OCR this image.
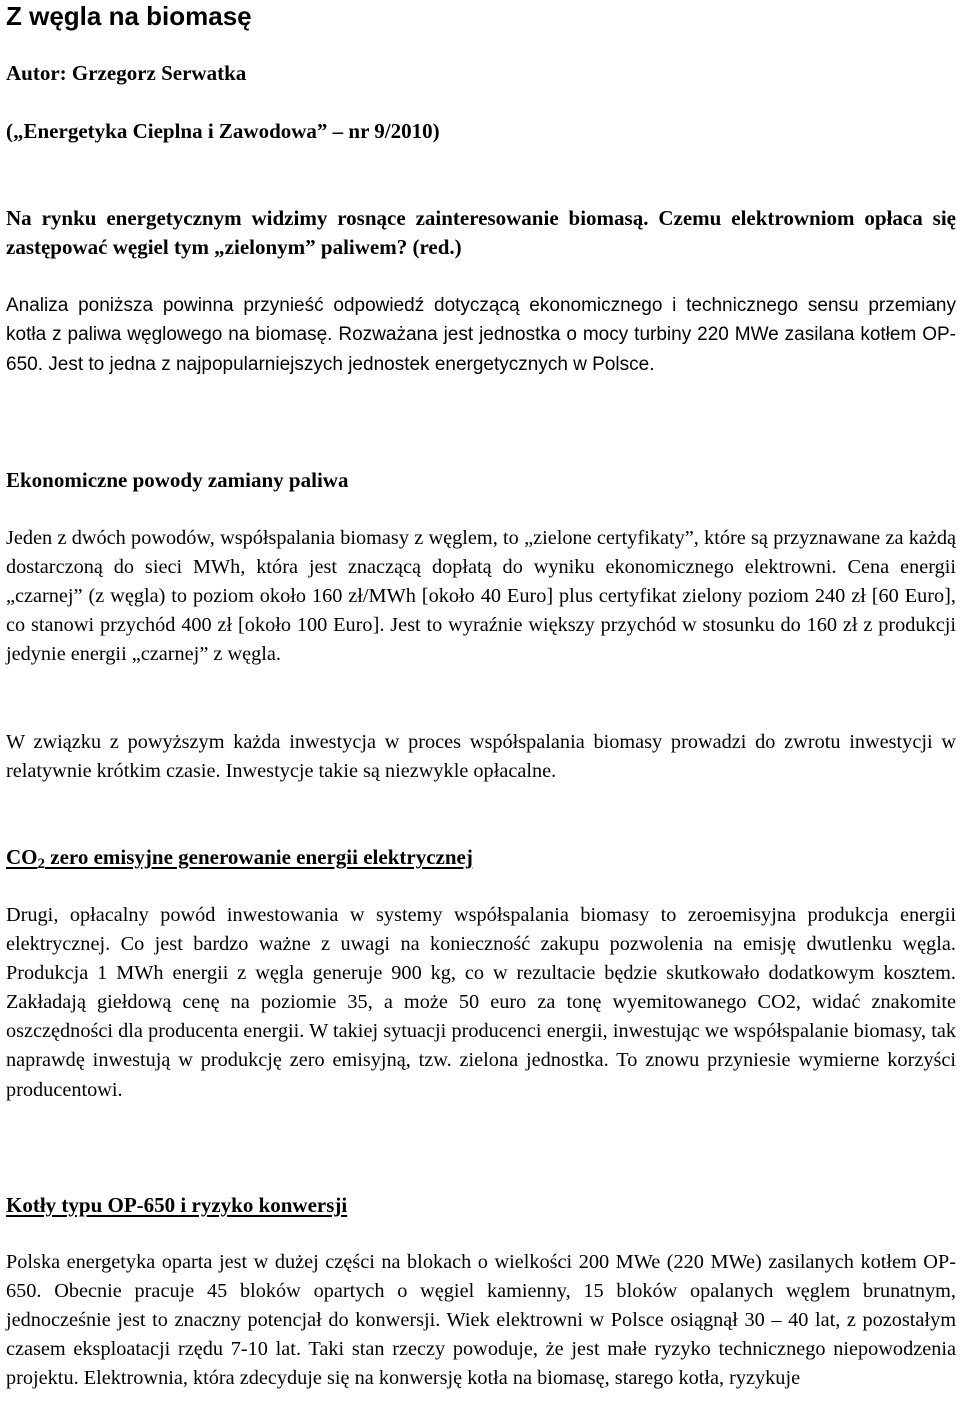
Z węgla na biomasę

Autor: Grzegorz Serwatka

(„Energetyka Cieplna i Zawodowa” – nr 9/2010)

Na rynku energetycznym widzimy rosnące zainteresowanie biomasą. Czemu elektrowniom opłaca się zastępować węgiel tym „zielonym” paliwem? (red.)

Analiza poniższa powinna przynieść odpowiedź dotyczącą ekonomicznego i technicznego sensu przemiany kotła z paliwa węglowego na biomasę. Rozważana jest jednostka o mocy turbiny 220 MWe zasilana kotłem OP-650. Jest to jedna z najpopularniejszych jednostek energetycznych w Polsce.

Ekonomiczne powody zamiany paliwa

Jeden z dwóch powodów, współspalania biomasy z węglem, to „zielone certyfikaty”, które są przyznawane za każdą dostarczoną do sieci MWh, która jest znaczącą dopłatą do wyniku ekonomicznego elektrowni. Cena energii „czarnej” (z węgla) to poziom około 160 zł/MWh [około 40 Euro] plus certyfikat zielony poziom 240 zł [60 Euro], co stanowi przychód 400 zł [około 100 Euro]. Jest to wyraźnie większy przychód w stosunku do 160 zł z produkcji jedynie energii „czarnej” z węgla.

W związku z powyższym każda inwestycja w proces współspalania biomasy prowadzi do zwrotu inwestycji w relatywnie krótkim czasie. Inwestycje takie są niezwykle opłacalne.

$CO_2$ zero emisyjne generowanie energii elektrycznej

Drugi, opłacalny powód inwestowania w systemy współspalania biomasy to zeroemisyjna produkcja energii elektrycznej. Co jest bardzo ważne z uwagi na konieczność zakupu pozwolenia na emisję dwutlenku węgla. Produkcja 1 MWh energii z węgla generuje 900 kg, co w rezultacie będzie skutkowało dodatkowym kosztem. Zakładają giełdową cenę na poziomie 35, a może 50 euro za tonę wyemitowanego CO2, widać znakomite oszczędności dla producenta energii. W takiej sytuacji producenci energii, inwestując we współspalanie biomasy, tak naprawdę inwestują w produkcję zero emisyjną, tzw. zielona jednostka. To znowu przyniesie wymierne korzyści producentowi.

Kotły typu OP-650 i ryzyko konwersji

Polska energetyka oparta jest w dużej części na blokach o wielkości 200 MWe (220 MWe) zasilanych kotłem OP-650. Obecnie pracuje 45 bloków opartych o węgiel kamienny, 15 bloków opalanych węglem brunatnym, jednocześnie jest to znaczny potencjał do konwersji. Wiek elektrowni w Polsce osiągnął 30 – 40 lat, z pozostałym czasem eksploatacji rzędu 7-10 lat. Taki stan rzeczy powoduje, że jest małe ryzyko technicznego niepowodzenia projektu. Elektrownia, która zdecyduje się na konwersję kotła na biomasę, starego kotła, ryzykuje
